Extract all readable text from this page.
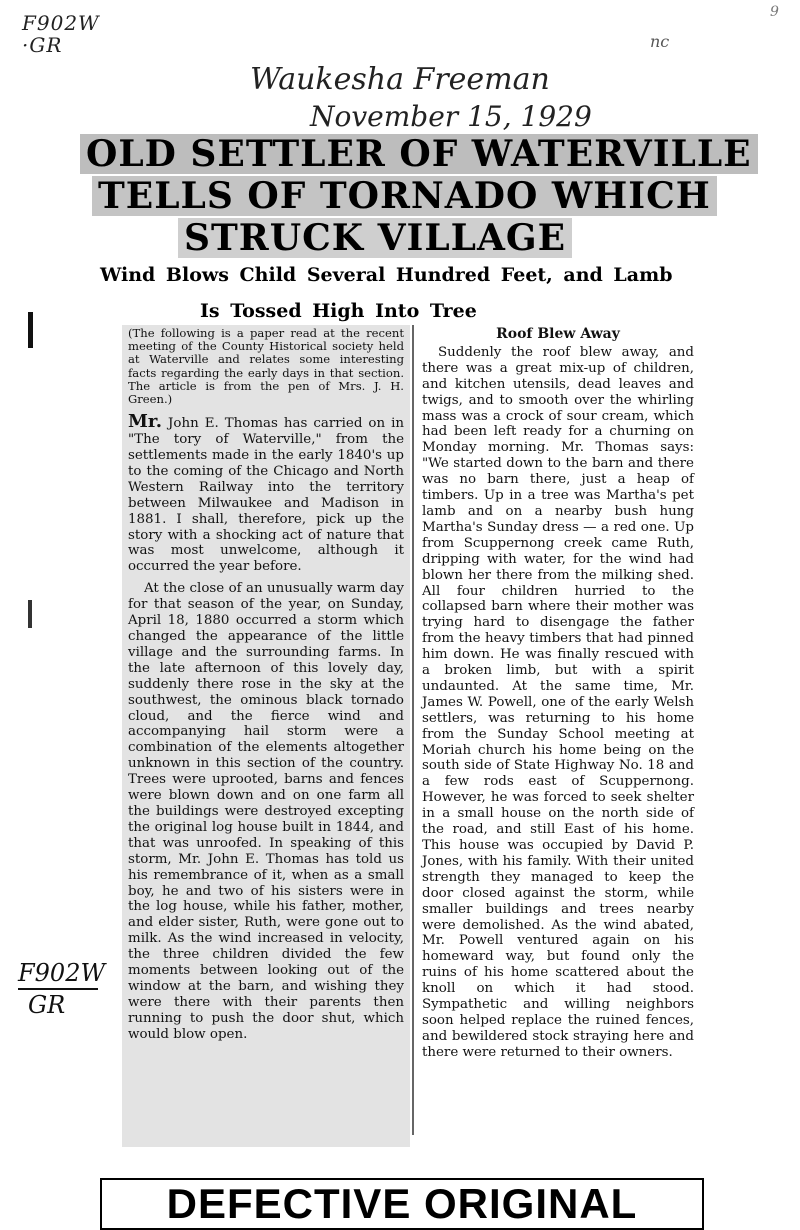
F902W
·GR	nc
9
Waukesha Freeman
November 15, 1929
OLD SETTLER OF WATERVILLE
TELLS OF TORNADO WHICH
STRUCK VILLAGE
Wind Blows Child Several Hundred Feet, and Lamb
Is Tossed High Into Tree
(The following is a paper read at the recent meeting of the County Historical society held at Waterville and relates some interesting facts regarding the early days in that section. The article is from the pen of Mrs. J. H. Green.)

Mr. John E. Thomas has carried on in "The tory of Waterville," from the settlements made in the early 1840's up to the coming of the Chicago and North Western Railway into the territory between Milwaukee and Madison in 1881. I shall, therefore, pick up the story with a shocking act of nature that was most unwelcome, although it occurred the year before.

At the close of an unusually warm day for that season of the year, on Sunday, April 18, 1880 occurred a storm which changed the appearance of the little village and the surrounding farms. In the late afternoon of this lovely day, suddenly there rose in the sky at the southwest, the ominous black tornado cloud, and the fierce wind and accompanying hail storm were a combination of the elements altogether unknown in this section of the country. Trees were uprooted, barns and fences were blown down and on one farm all the buildings were destroyed excepting the original log house built in 1844, and that was unroofed. In speaking of this storm, Mr. John E. Thomas has told us his remembrance of it, when as a small boy, he and two of his sisters were in the log house, while his father, mother, and elder sister, Ruth, were gone out to milk. As the wind increased in velocity, the three children divided the few moments between looking out of the window at the barn, and wishing they were there with their parents then running to push the door shut, which would blow open.

Roof Blew Away

Suddenly the roof blew away, and there was a great mix-up of children, and kitchen utensils, dead leaves and twigs, and to smooth over the whirling mass was a crock of sour cream, which had been left ready for a churning on Monday morning. Mr. Thomas says: "We started down to the barn and there was no barn there, just a heap of timbers. Up in a tree was Martha's pet lamb and on a nearby bush hung Martha's Sunday dress — a red one. Up from Scuppernong creek came Ruth, dripping with water, for the wind had blown her there from the milking shed. All four children hurried to the collapsed barn where their mother was trying hard to disengage the father from the heavy timbers that had pinned him down. He was finally rescued with a broken limb, but with a spirit undaunted. At the same time, Mr. James W. Powell, one of the early Welsh settlers, was returning to his home from the Sunday School meeting at Moriah church his home being on the south side of State Highway No. 18 and a few rods east of Scuppernong. However, he was forced to seek shelter in a small house on the north side of the road, and still East of his home. This house was occupied by David P. Jones, with his family. With their united strength they managed to keep the door closed against the storm, while smaller buildings and trees nearby were demolished. As the wind abated, Mr. Powell ventured again on his homeward way, but found only the ruins of his home scattered about the knoll on which it had stood. Sympathetic and willing neighbors soon helped replace the ruined fences, and bewildered stock straying here and there were returned to their owners.

F902W
GR
DEFECTIVE ORIGINAL
